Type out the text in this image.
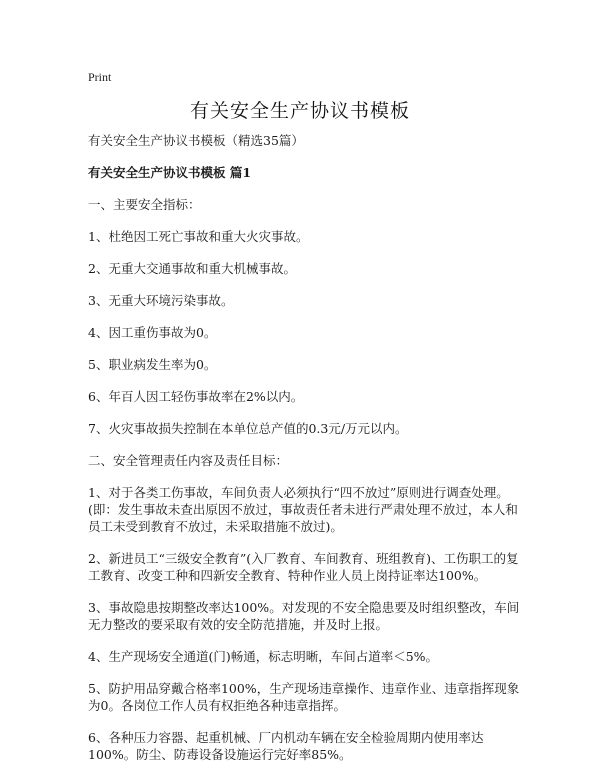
Print
有关安全生产协议书模板

有关安全生产协议书模板（精选35篇）

有关安全生产协议书模板 篇1

一、主要安全指标：

1、杜绝因工死亡事故和重大火灾事故。

2、无重大交通事故和重大机械事故。

3、无重大环境污染事故。

4、因工重伤事故为0。

5、职业病发生率为0。

6、年百人因工轻伤事故率在2%以内。

7、火灾事故损失控制在本单位总产值的0.3元/万元以内。

二、安全管理责任内容及责任目标：

1、对于各类工伤事故，车间负责人必须执行“四不放过”原则进行调查处理。(即：发生事故未查出原因不放过，事故责任者未进行严肃处理不放过，本人和员工未受到教育不放过，未采取措施不放过)。

2、新进员工“三级安全教育”(入厂教育、车间教育、班组教育)、工伤职工的复工教育、改变工种和四新安全教育、特种作业人员上岗持证率达100%。

3、事故隐患按期整改率达100%。对发现的不安全隐患要及时组织整改，车间无力整改的要采取有效的安全防范措施，并及时上报。

4、生产现场安全通道(门)畅通，标志明晰，车间占道率＜5%。

5、防护用品穿戴合格率100%，生产现场违章操作、违章作业、违章指挥现象为0。各岗位工作人员有权拒绝各种违章指挥。

6、各种压力容器、起重机械、厂内机动车辆在安全检验周期内使用率达100%。防尘、防毒设备设施运行完好率85%。
